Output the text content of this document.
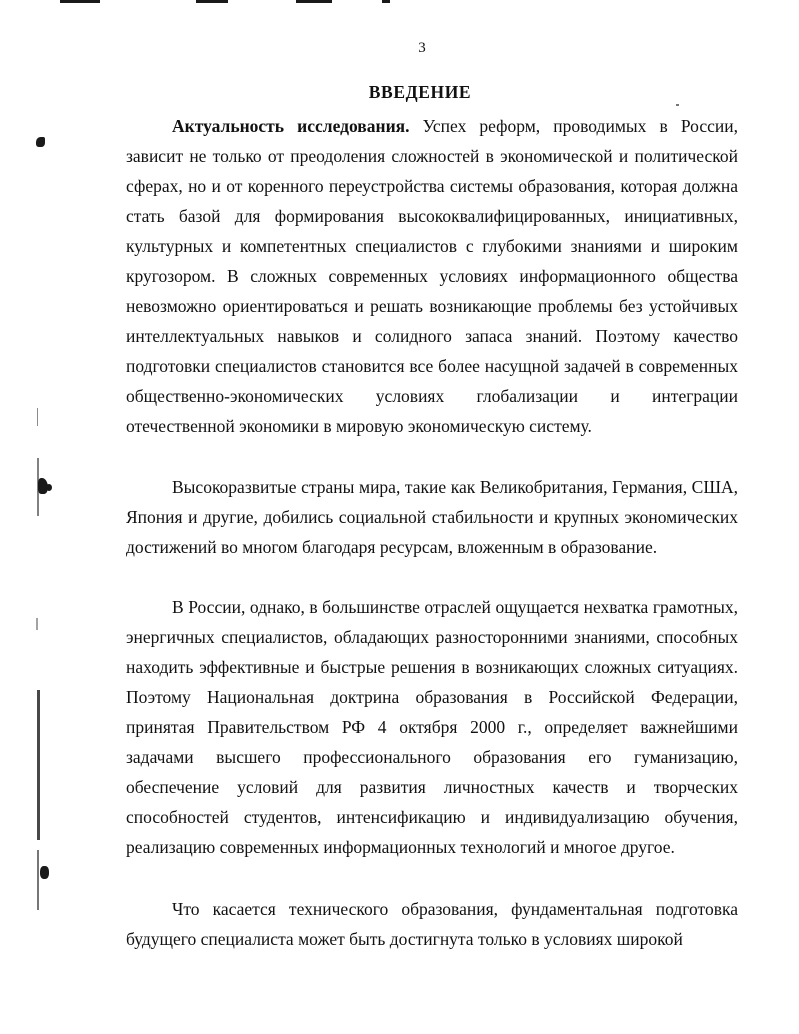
3
ВВЕДЕНИЕ
Актуальность исследования. Успех реформ, проводимых в России, зависит не только от преодоления сложностей в экономической и политической сферах, но и от коренного переустройства системы образования, которая должна стать базой для формирования высококвалифицированных, инициативных, культурных и компетентных специалистов с глубокими знаниями и широким кругозором. В сложных современных условиях информационного общества невозможно ориентироваться и решать возникающие проблемы без устойчивых интеллектуальных навыков и солидного запаса знаний. Поэтому качество подготовки специалистов становится все более насущной задачей в современных общественно-экономических условиях глобализации и интеграции отечественной экономики в мировую экономическую систему.
Высокоразвитые страны мира, такие как Великобритания, Германия, США, Япония и другие, добились социальной стабильности и крупных экономических достижений во многом благодаря ресурсам, вложенным в образование.
В России, однако, в большинстве отраслей ощущается нехватка грамотных, энергичных специалистов, обладающих разносторонними знаниями, способных находить эффективные и быстрые решения в возникающих сложных ситуациях. Поэтому Национальная доктрина образования в Российской Федерации, принятая Правительством РФ 4 октября 2000 г., определяет важнейшими задачами высшего профессионального образования его гуманизацию, обеспечение условий для развития личностных качеств и творческих способностей студентов, интенсификацию и индивидуализацию обучения, реализацию современных информационных технологий и многое другое.
Что касается технического образования, фундаментальная подготовка будущего специалиста может быть достигнута только в условиях широкой
